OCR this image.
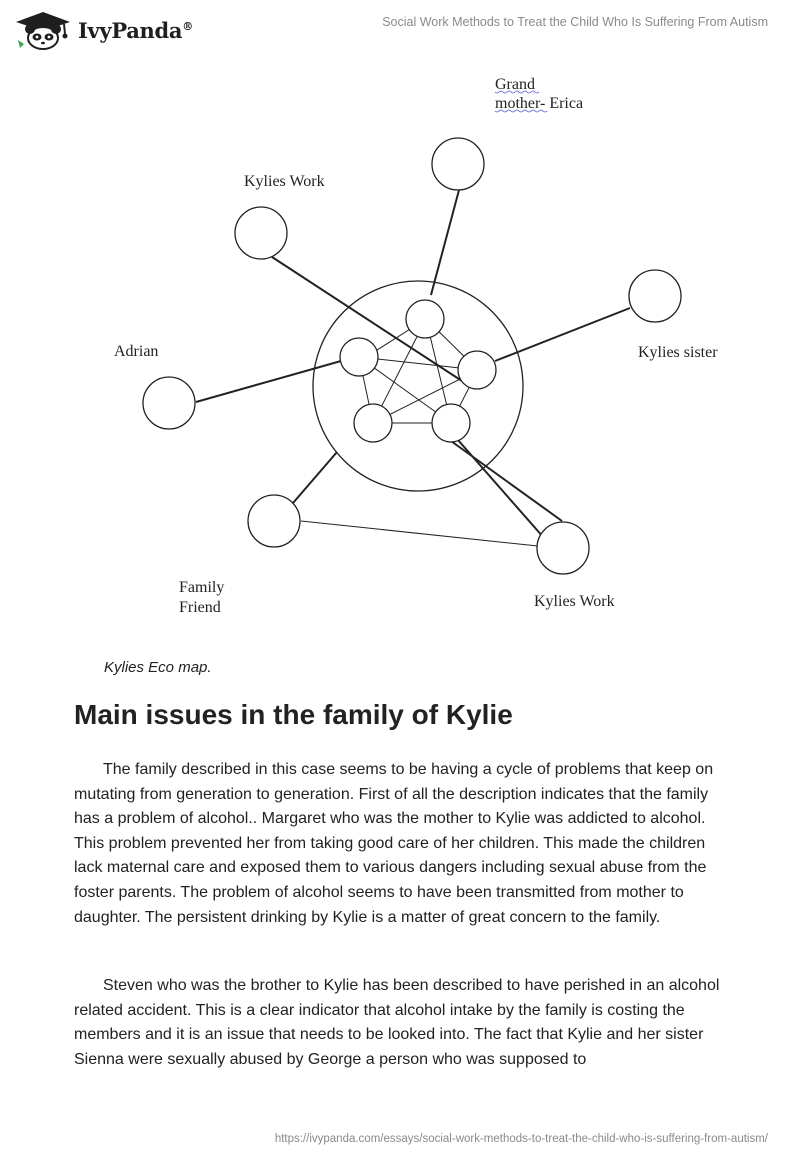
IvyPanda®	Social Work Methods to Treat the Child Who Is Suffering From Autism
Grand
mother- Erica
Kylies Work
Adrian	Kylies sister
Family
Friend	Kylies Work
Kylies Eco map.
Main issues in the family of Kylie

The family described in this case seems to be having a cycle of problems that keep on mutating from generation to generation. First of all the description indicates that the family has a problem of alcohol.. Margaret who was the mother to Kylie was addicted to alcohol. This problem prevented her from taking good care of her children. This made the children lack maternal care and exposed them to various dangers including sexual abuse from the foster parents. The problem of alcohol seems to have been transmitted from mother to daughter. The persistent drinking by Kylie is a matter of great concern to the family.

Steven who was the brother to Kylie has been described to have perished in an alcohol related accident. This is a clear indicator that alcohol intake by the family is costing the members and it is an issue that needs to be looked into. The fact that Kylie and her sister Sienna were sexually abused by George a person who was supposed to

https://ivypanda.com/essays/social-work-methods-to-treat-the-child-who-is-suffering-from-autism/
